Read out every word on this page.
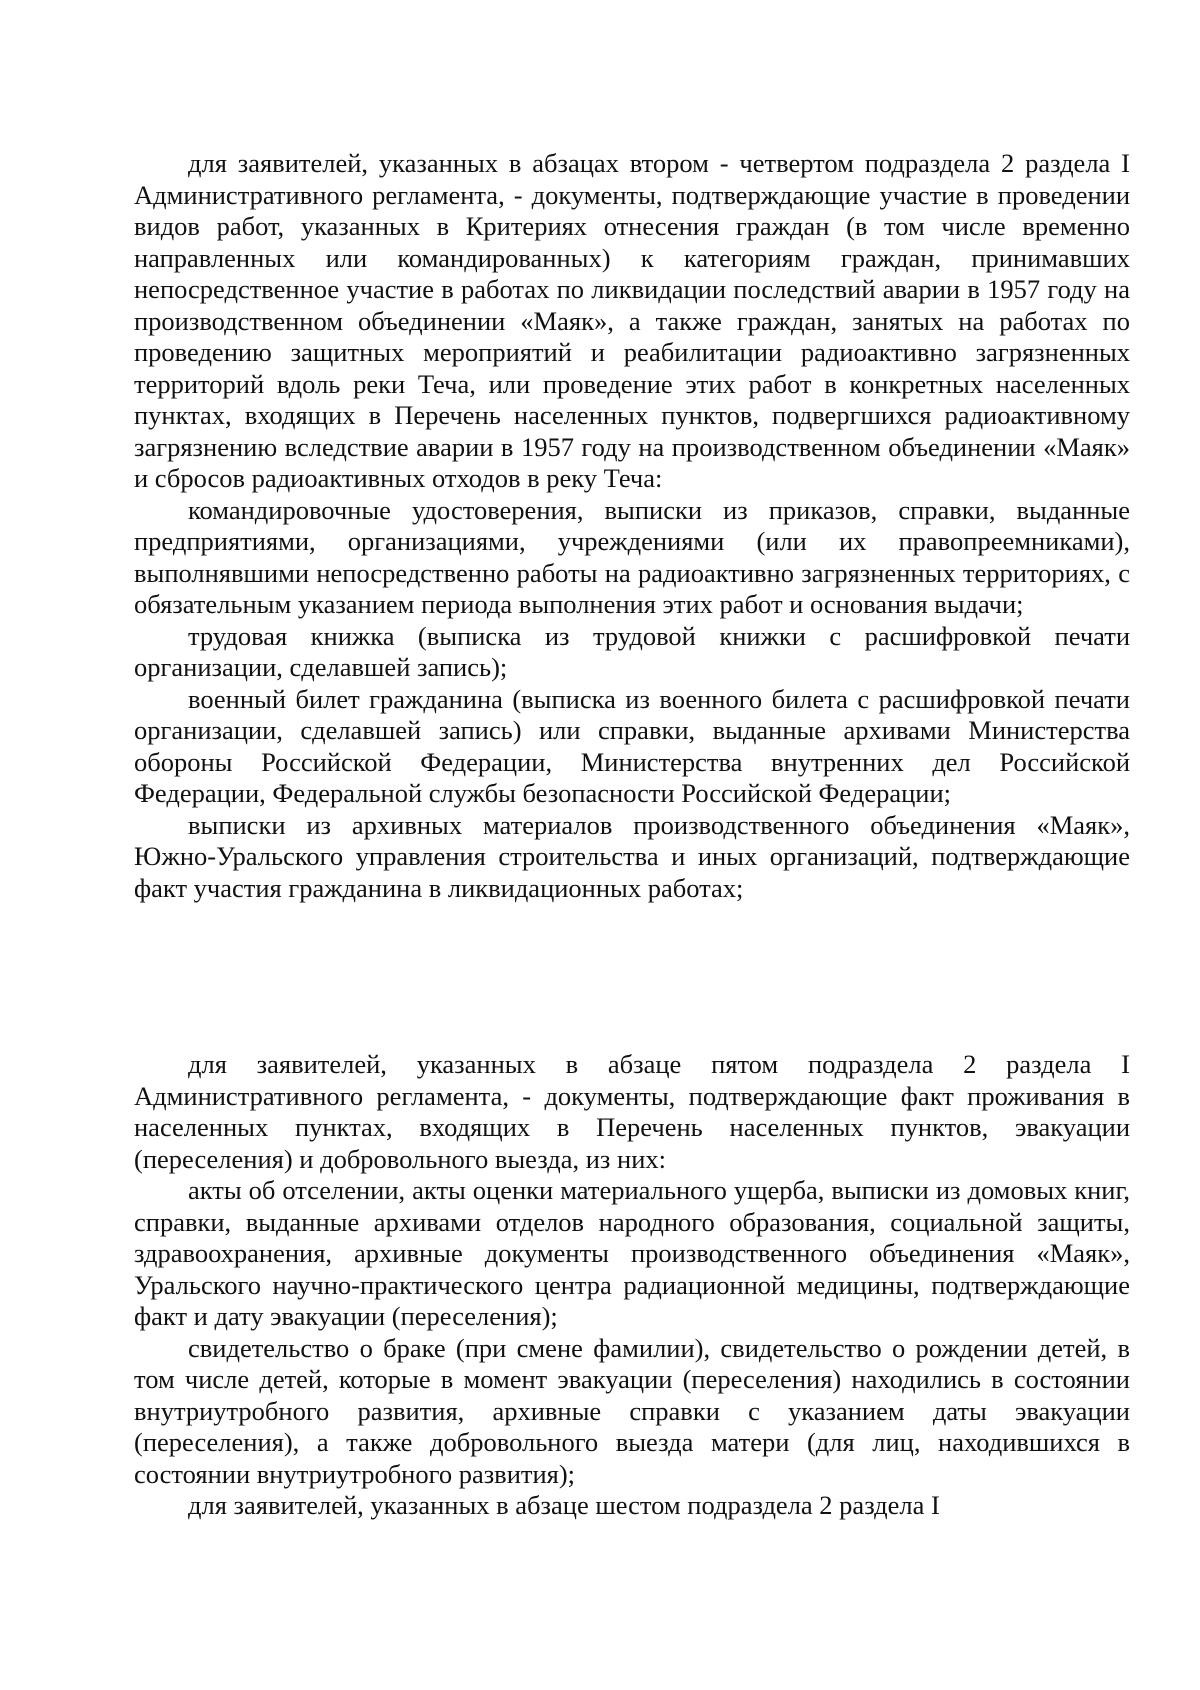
для заявителей, указанных в абзацах втором - четвертом подраздела 2 раздела I Административного регламента, - документы, подтверждающие участие в проведении видов работ, указанных в Критериях отнесения граждан (в том числе временно направленных или командированных) к категориям граждан, принимавших непосредственное участие в работах по ликвидации последствий аварии в 1957 году на производственном объединении «Маяк», а также граждан, занятых на работах по проведению защитных мероприятий и реабилитации радиоактивно загрязненных территорий вдоль реки Теча, или проведение этих работ в конкретных населенных пунктах, входящих в Перечень населенных пунктов, подвергшихся радиоактивному загрязнению вследствие аварии в 1957 году на производственном объединении «Маяк» и сбросов радиоактивных отходов в реку Теча:

командировочные удостоверения, выписки из приказов, справки, выданные предприятиями, организациями, учреждениями (или их правопреемниками), выполнявшими непосредственно работы на радиоактивно загрязненных территориях, с обязательным указанием периода выполнения этих работ и основания выдачи;

трудовая книжка (выписка из трудовой книжки с расшифровкой печати организации, сделавшей запись);

военный билет гражданина (выписка из военного билета с расшифровкой печати организации, сделавшей запись) или справки, выданные архивами Министерства обороны Российской Федерации, Министерства внутренних дел Российской Федерации, Федеральной службы безопасности Российской Федерации;

выписки из архивных материалов производственного объединения «Маяк», Южно-Уральского управления строительства и иных организаций, подтверждающие факт участия гражданина в ликвидационных работах;

для заявителей, указанных в абзаце пятом подраздела 2 раздела I Административного регламента, - документы, подтверждающие факт проживания в населенных пунктах, входящих в Перечень населенных пунктов, эвакуации (переселения) и добровольного выезда, из них:

акты об отселении, акты оценки материального ущерба, выписки из домовых книг, справки, выданные архивами отделов народного образования, социальной защиты, здравоохранения, архивные документы производственного объединения «Маяк», Уральского научно-практического центра радиационной медицины, подтверждающие факт и дату эвакуации (переселения);

свидетельство о браке (при смене фамилии), свидетельство о рождении детей, в том числе детей, которые в момент эвакуации (переселения) находились в состоянии внутриутробного развития, архивные справки с указанием даты эвакуации (переселения), а также добровольного выезда матери (для лиц, находившихся в состоянии внутриутробного развития);

для заявителей, указанных в абзаце шестом подраздела 2 раздела I
